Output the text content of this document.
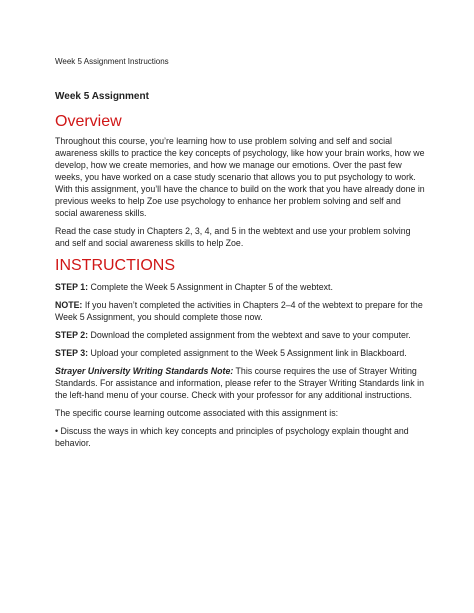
Week 5 Assignment Instructions
Week 5 Assignment
Overview

Throughout this course, you’re learning how to use problem solving and self and social awareness skills to practice the key concepts of psychology, like how your brain works, how we develop, how we create memories, and how we manage our emotions. Over the past few weeks, you have worked on a case study scenario that allows you to put psychology to work. With this assignment, you’ll have the chance to build on the work that you have already done in previous weeks to help Zoe use psychology to enhance her problem solving and self and social awareness skills.

Read the case study in Chapters 2, 3, 4, and 5 in the webtext and use your problem solving and self and social awareness skills to help Zoe.

INSTRUCTIONS

STEP 1: Complete the Week 5 Assignment in Chapter 5 of the webtext.

NOTE: If you haven’t completed the activities in Chapters 2–4 of the webtext to prepare for the Week 5 Assignment, you should complete those now.

STEP 2: Download the completed assignment from the webtext and save to your computer.

STEP 3: Upload your completed assignment to the Week 5 Assignment link in Blackboard.

Strayer University Writing Standards Note: This course requires the use of Strayer Writing Standards. For assistance and information, please refer to the Strayer Writing Standards link in the left-hand menu of your course. Check with your professor for any additional instructions.

The specific course learning outcome associated with this assignment is:

• Discuss the ways in which key concepts and principles of psychology explain thought and behavior.
